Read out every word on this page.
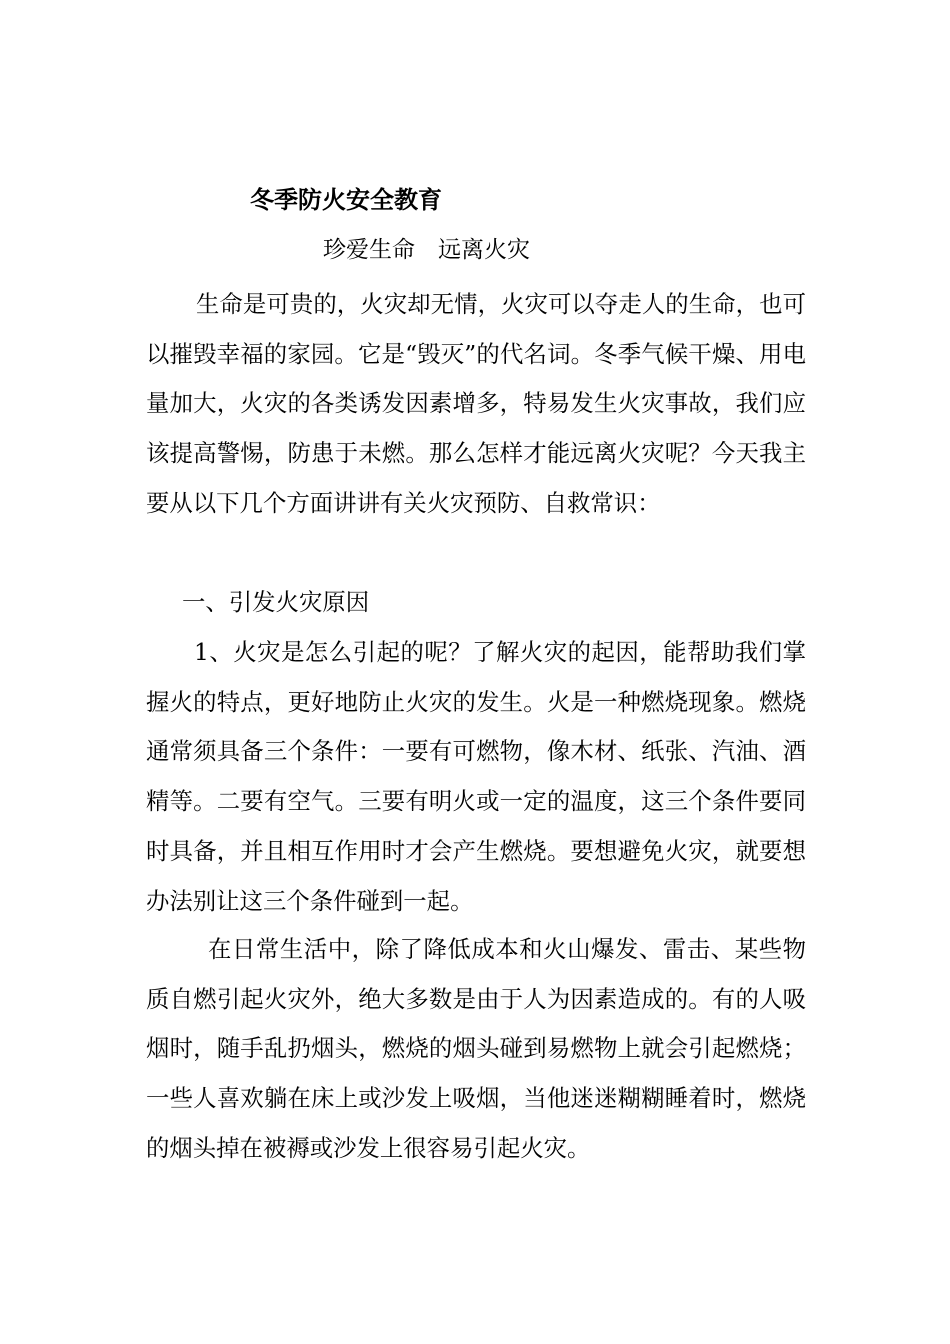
冬季防火安全教育
珍爱生命　远离火灾

生命是可贵的，火灾却无情，火灾可以夺走人的生命，也可以摧毁幸福的家园。它是“毁灭”的代名词。冬季气候干燥、用电量加大，火灾的各类诱发因素增多，特易发生火灾事故，我们应该提高警惕，防患于未燃。那么怎样才能远离火灾呢？今天我主要从以下几个方面讲讲有关火灾预防、自救常识：

一、引发火灾原因

1、火灾是怎么引起的呢？了解火灾的起因，能帮助我们掌握火的特点，更好地防止火灾的发生。火是一种燃烧现象。燃烧通常须具备三个条件：一要有可燃物，像木材、纸张、汽油、酒精等。二要有空气。三要有明火或一定的温度，这三个条件要同时具备，并且相互作用时才会产生燃烧。要想避免火灾，就要想办法别让这三个条件碰到一起。

在日常生活中，除了降低成本和火山爆发、雷击、某些物质自燃引起火灾外，绝大多数是由于人为因素造成的。有的人吸烟时，随手乱扔烟头，燃烧的烟头碰到易燃物上就会引起燃烧；一些人喜欢躺在床上或沙发上吸烟，当他迷迷糊糊睡着时，燃烧的烟头掉在被褥或沙发上很容易引起火灾。
